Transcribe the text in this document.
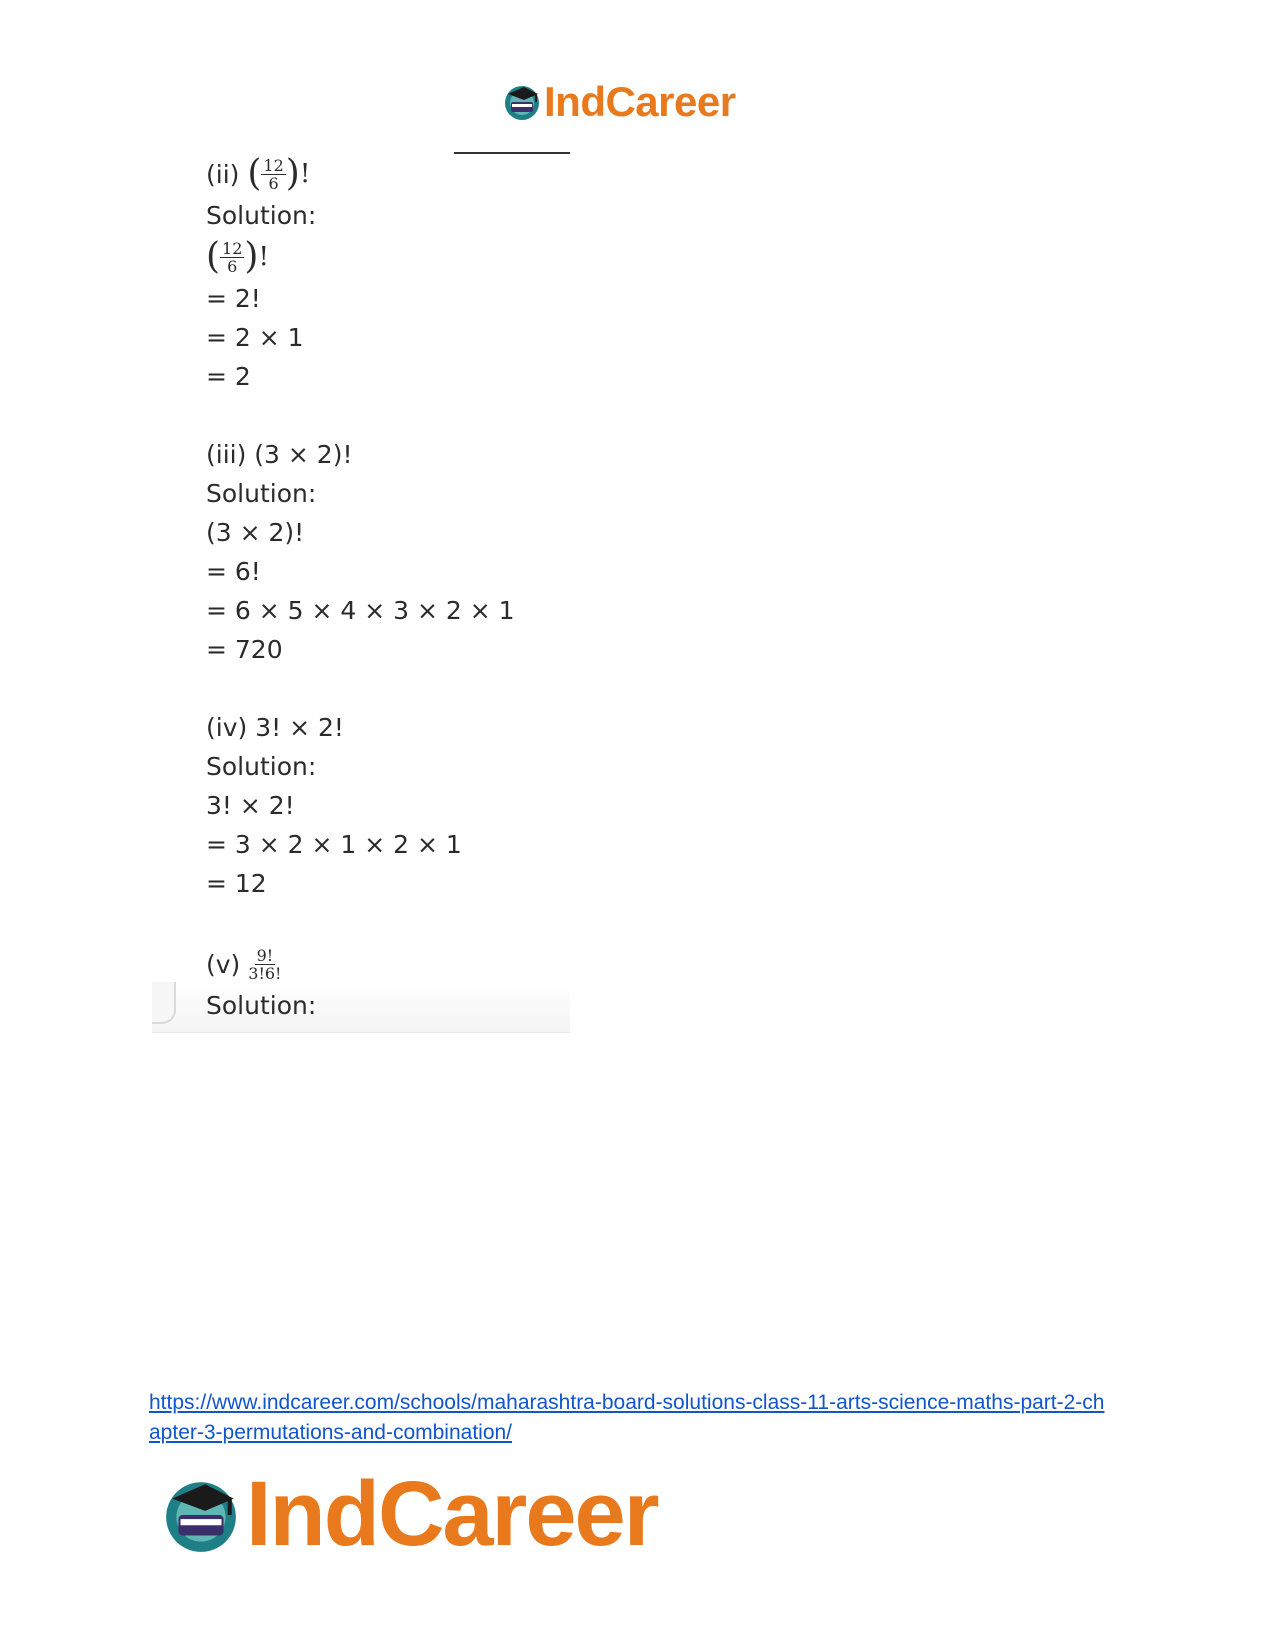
IndCareer
(ii)
( $\frac{12}{6}$ ) !
Solution:
( $\frac{12}{6}$ ) !
= 2!
= 2 × 1
= 2
(iii) (3 × 2)!
Solution:
(3 × 2)!
= 6!
= 6 × 5 × 4 × 3 × 2 × 1
= 720
(iv) 3! × 2!
Solution:
3! × 2!
= 3 × 2 × 1 × 2 × 1
= 12
(v)
$\frac{9!}{3!6!}$
Solution:
https://www.indcareer.com/schools/maharashtra-board-solutions-class-11-arts-science-maths-part-2-chapter-3-permutations-and-combination/
IndCareer
